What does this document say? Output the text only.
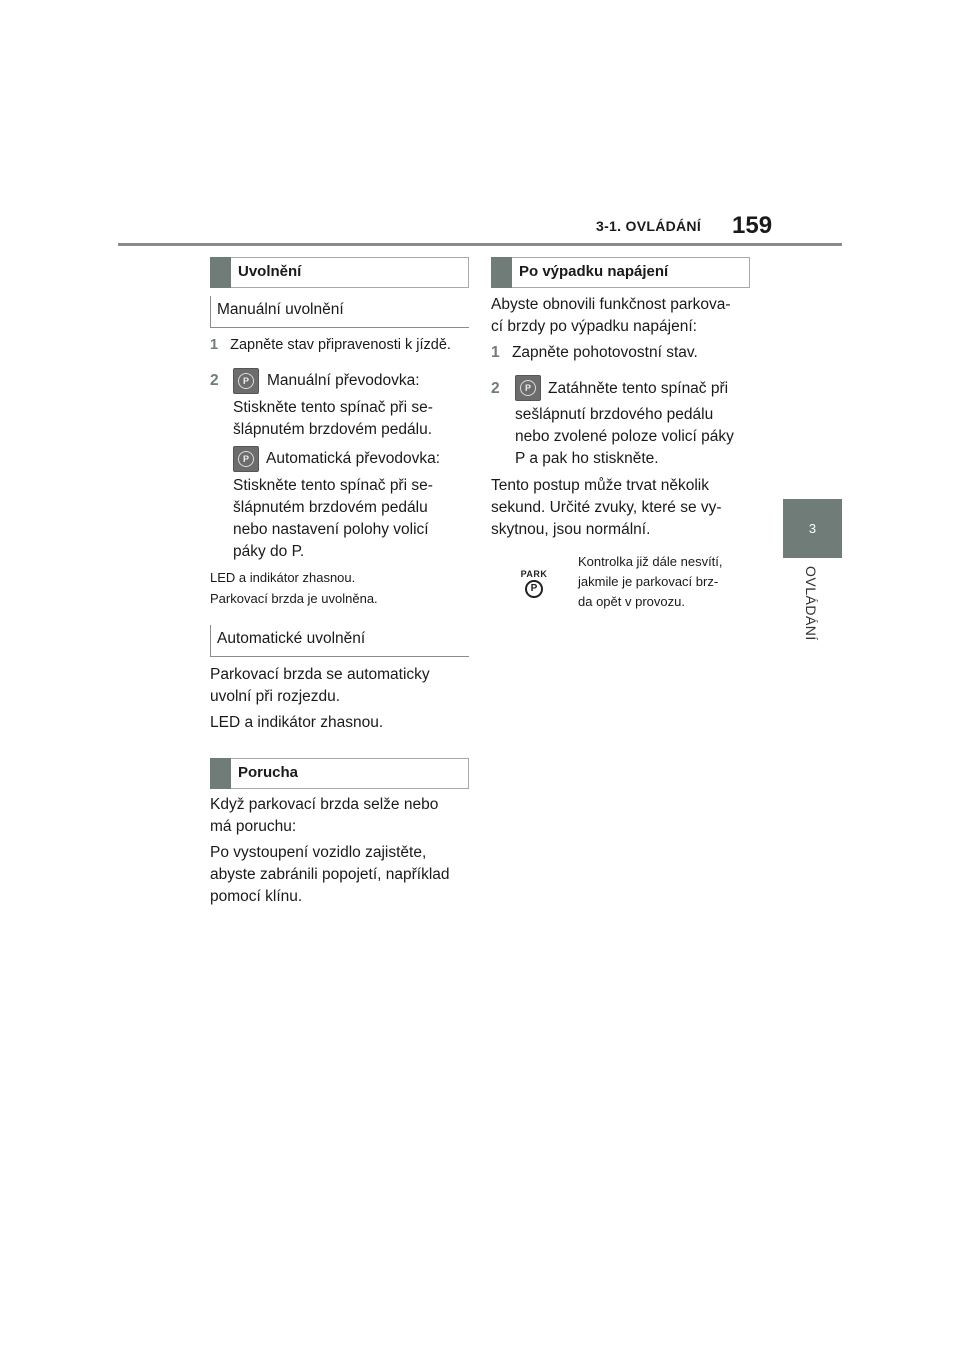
3-1. OVLÁDÁNÍ 159
3
OVLÁDÁNÍ
Uvolnění
Manuální uvolnění
1 Zapněte stav připravenosti k jízdě.
2	P	Manuální převodovka:
Stiskněte tento spínač při se-
šlápnutém brzdovém pedálu.
P	Automatická převodovka:
Stiskněte tento spínač při se-
šlápnutém brzdovém pedálu
nebo nastavení polohy volicí
páky do P.
LED a indikátor zhasnou.
Parkovací brzda je uvolněna.
Automatické uvolnění
Parkovací brzda se automaticky
uvolní při rozjezdu.
LED a indikátor zhasnou.
Porucha
Když parkovací brzda selže nebo
má poruchu:
Po vystoupení vozidlo zajistěte,
abyste zabránili popojetí, například
pomocí klínu.
Po výpadku napájení
Abyste obnovili funkčnost parkova-
cí brzdy po výpadku napájení:
1 Zapněte pohotovostní stav.
2	P	Zatáhněte tento spínač při
sešlápnutí brzdového pedálu
nebo zvolené poloze volicí páky
P a pak ho stiskněte.
Tento postup může trvat několik
sekund. Určité zvuky, které se vy-
skytnou, jsou normální.
PARK
P
Kontrolka již dále nesvítí,
jakmile je parkovací brz-
da opět v provozu.
